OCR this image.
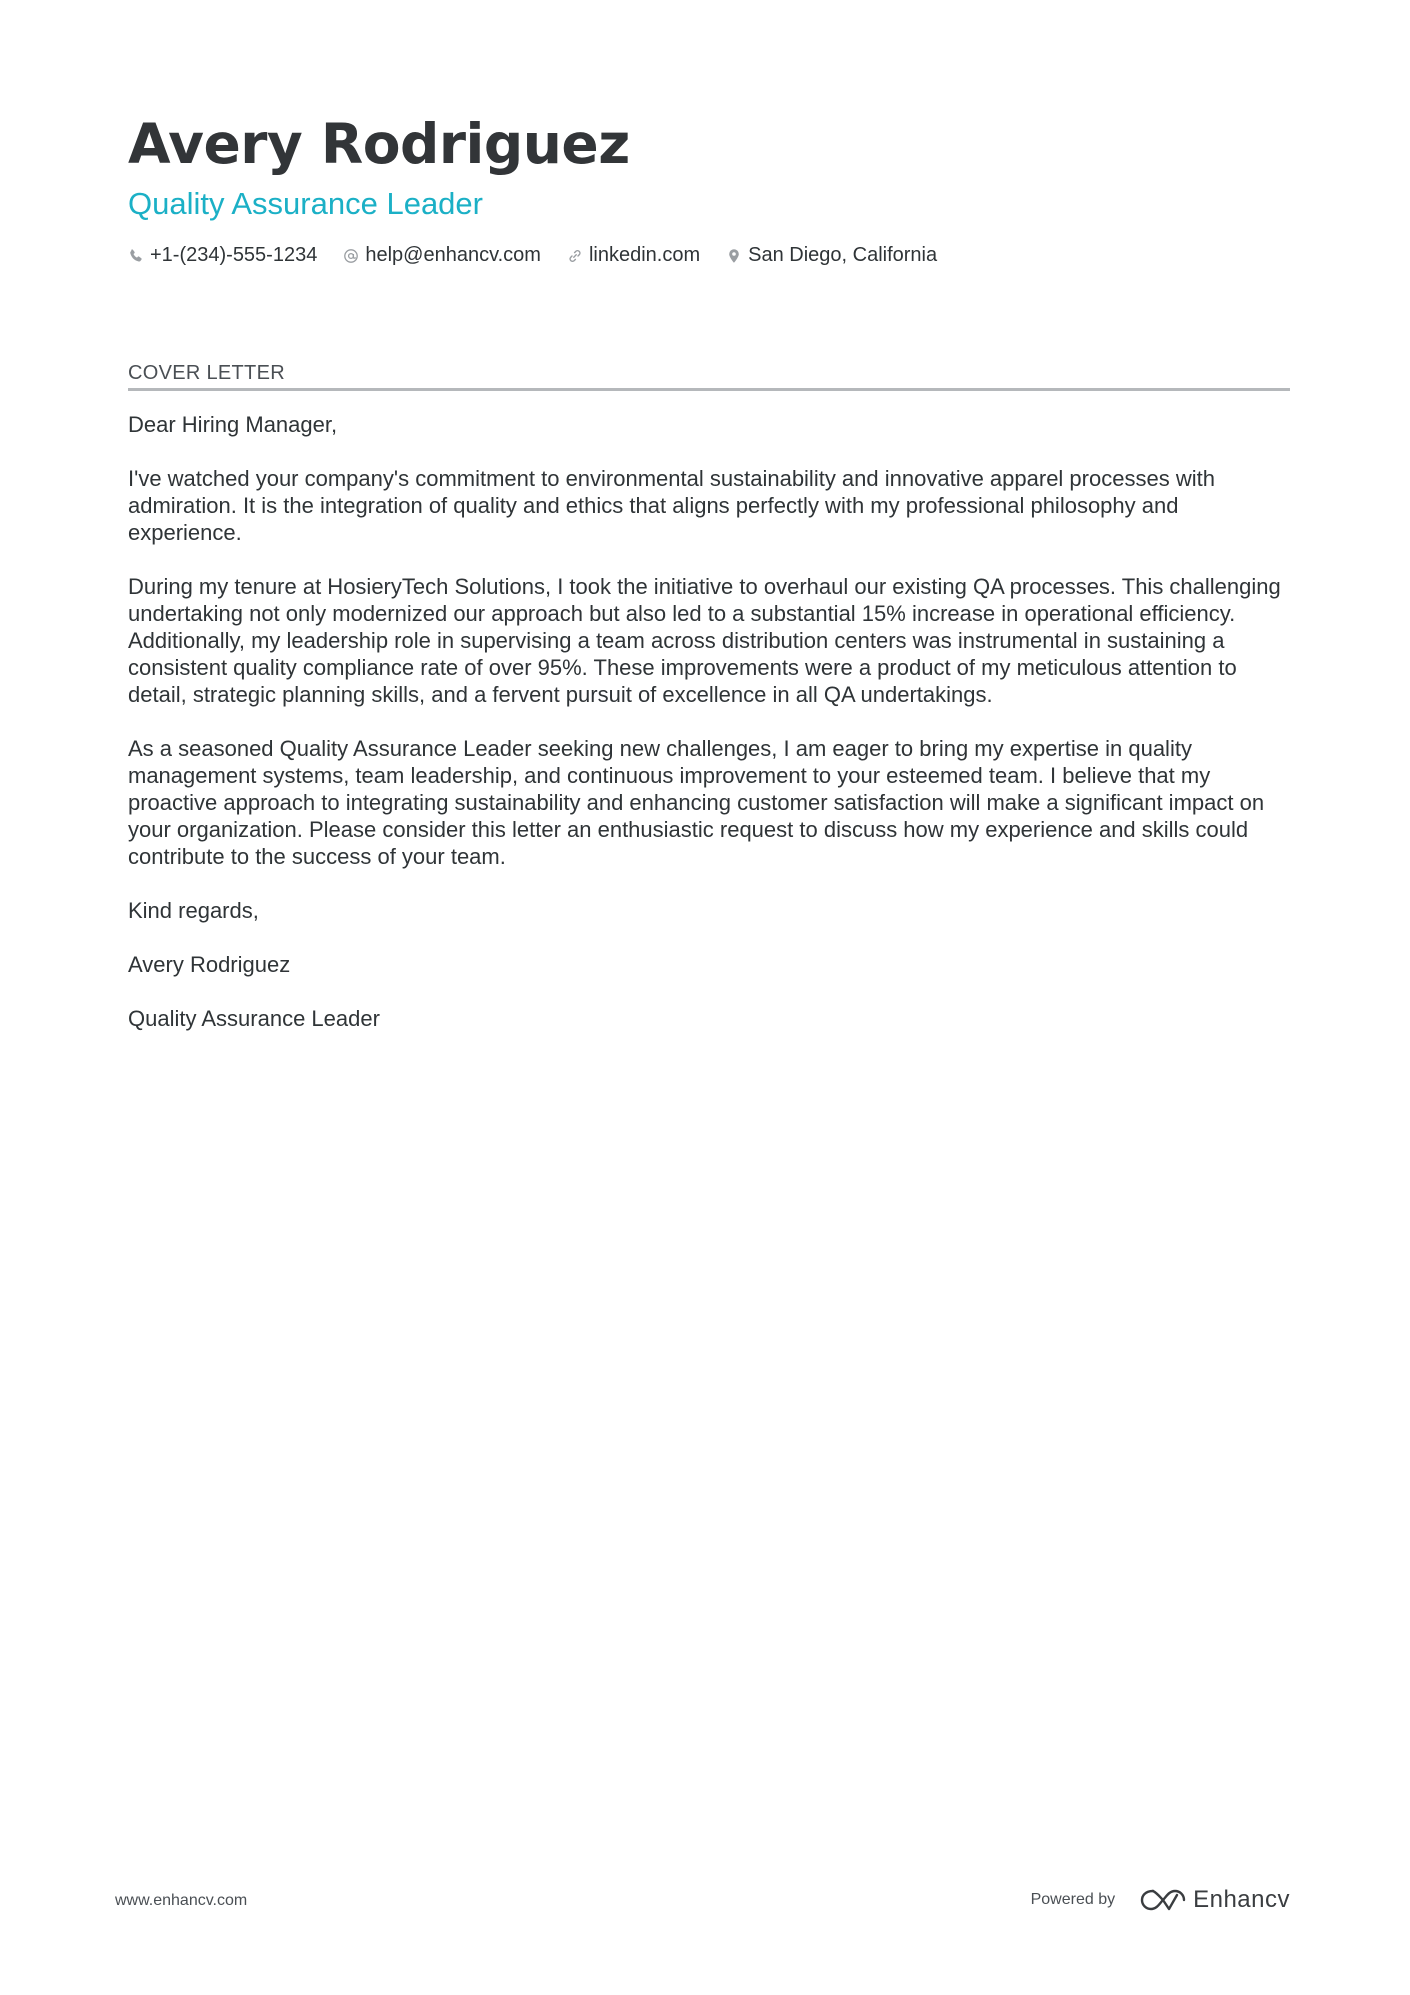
Avery Rodriguez
Quality Assurance Leader
+1-(234)-555-1234 help@enhancv.com linkedin.com San Diego, California
COVER LETTER

Dear Hiring Manager,

I've watched your company's commitment to environmental sustainability and innovative apparel processes with admiration. It is the integration of quality and ethics that aligns perfectly with my professional philosophy and experience.

During my tenure at HosieryTech Solutions, I took the initiative to overhaul our existing QA processes. This challenging undertaking not only modernized our approach but also led to a substantial 15% increase in operational efficiency. Additionally, my leadership role in supervising a team across distribution centers was instrumental in sustaining a consistent quality compliance rate of over 95%. These improvements were a product of my meticulous attention to detail, strategic planning skills, and a fervent pursuit of excellence in all QA undertakings.

As a seasoned Quality Assurance Leader seeking new challenges, I am eager to bring my expertise in quality management systems, team leadership, and continuous improvement to your esteemed team. I believe that my proactive approach to integrating sustainability and enhancing customer satisfaction will make a significant impact on your organization. Please consider this letter an enthusiastic request to discuss how my experience and skills could contribute to the success of your team.

Kind regards,

Avery Rodriguez

Quality Assurance Leader

www.enhancv.com	Powered by	Enhancv
